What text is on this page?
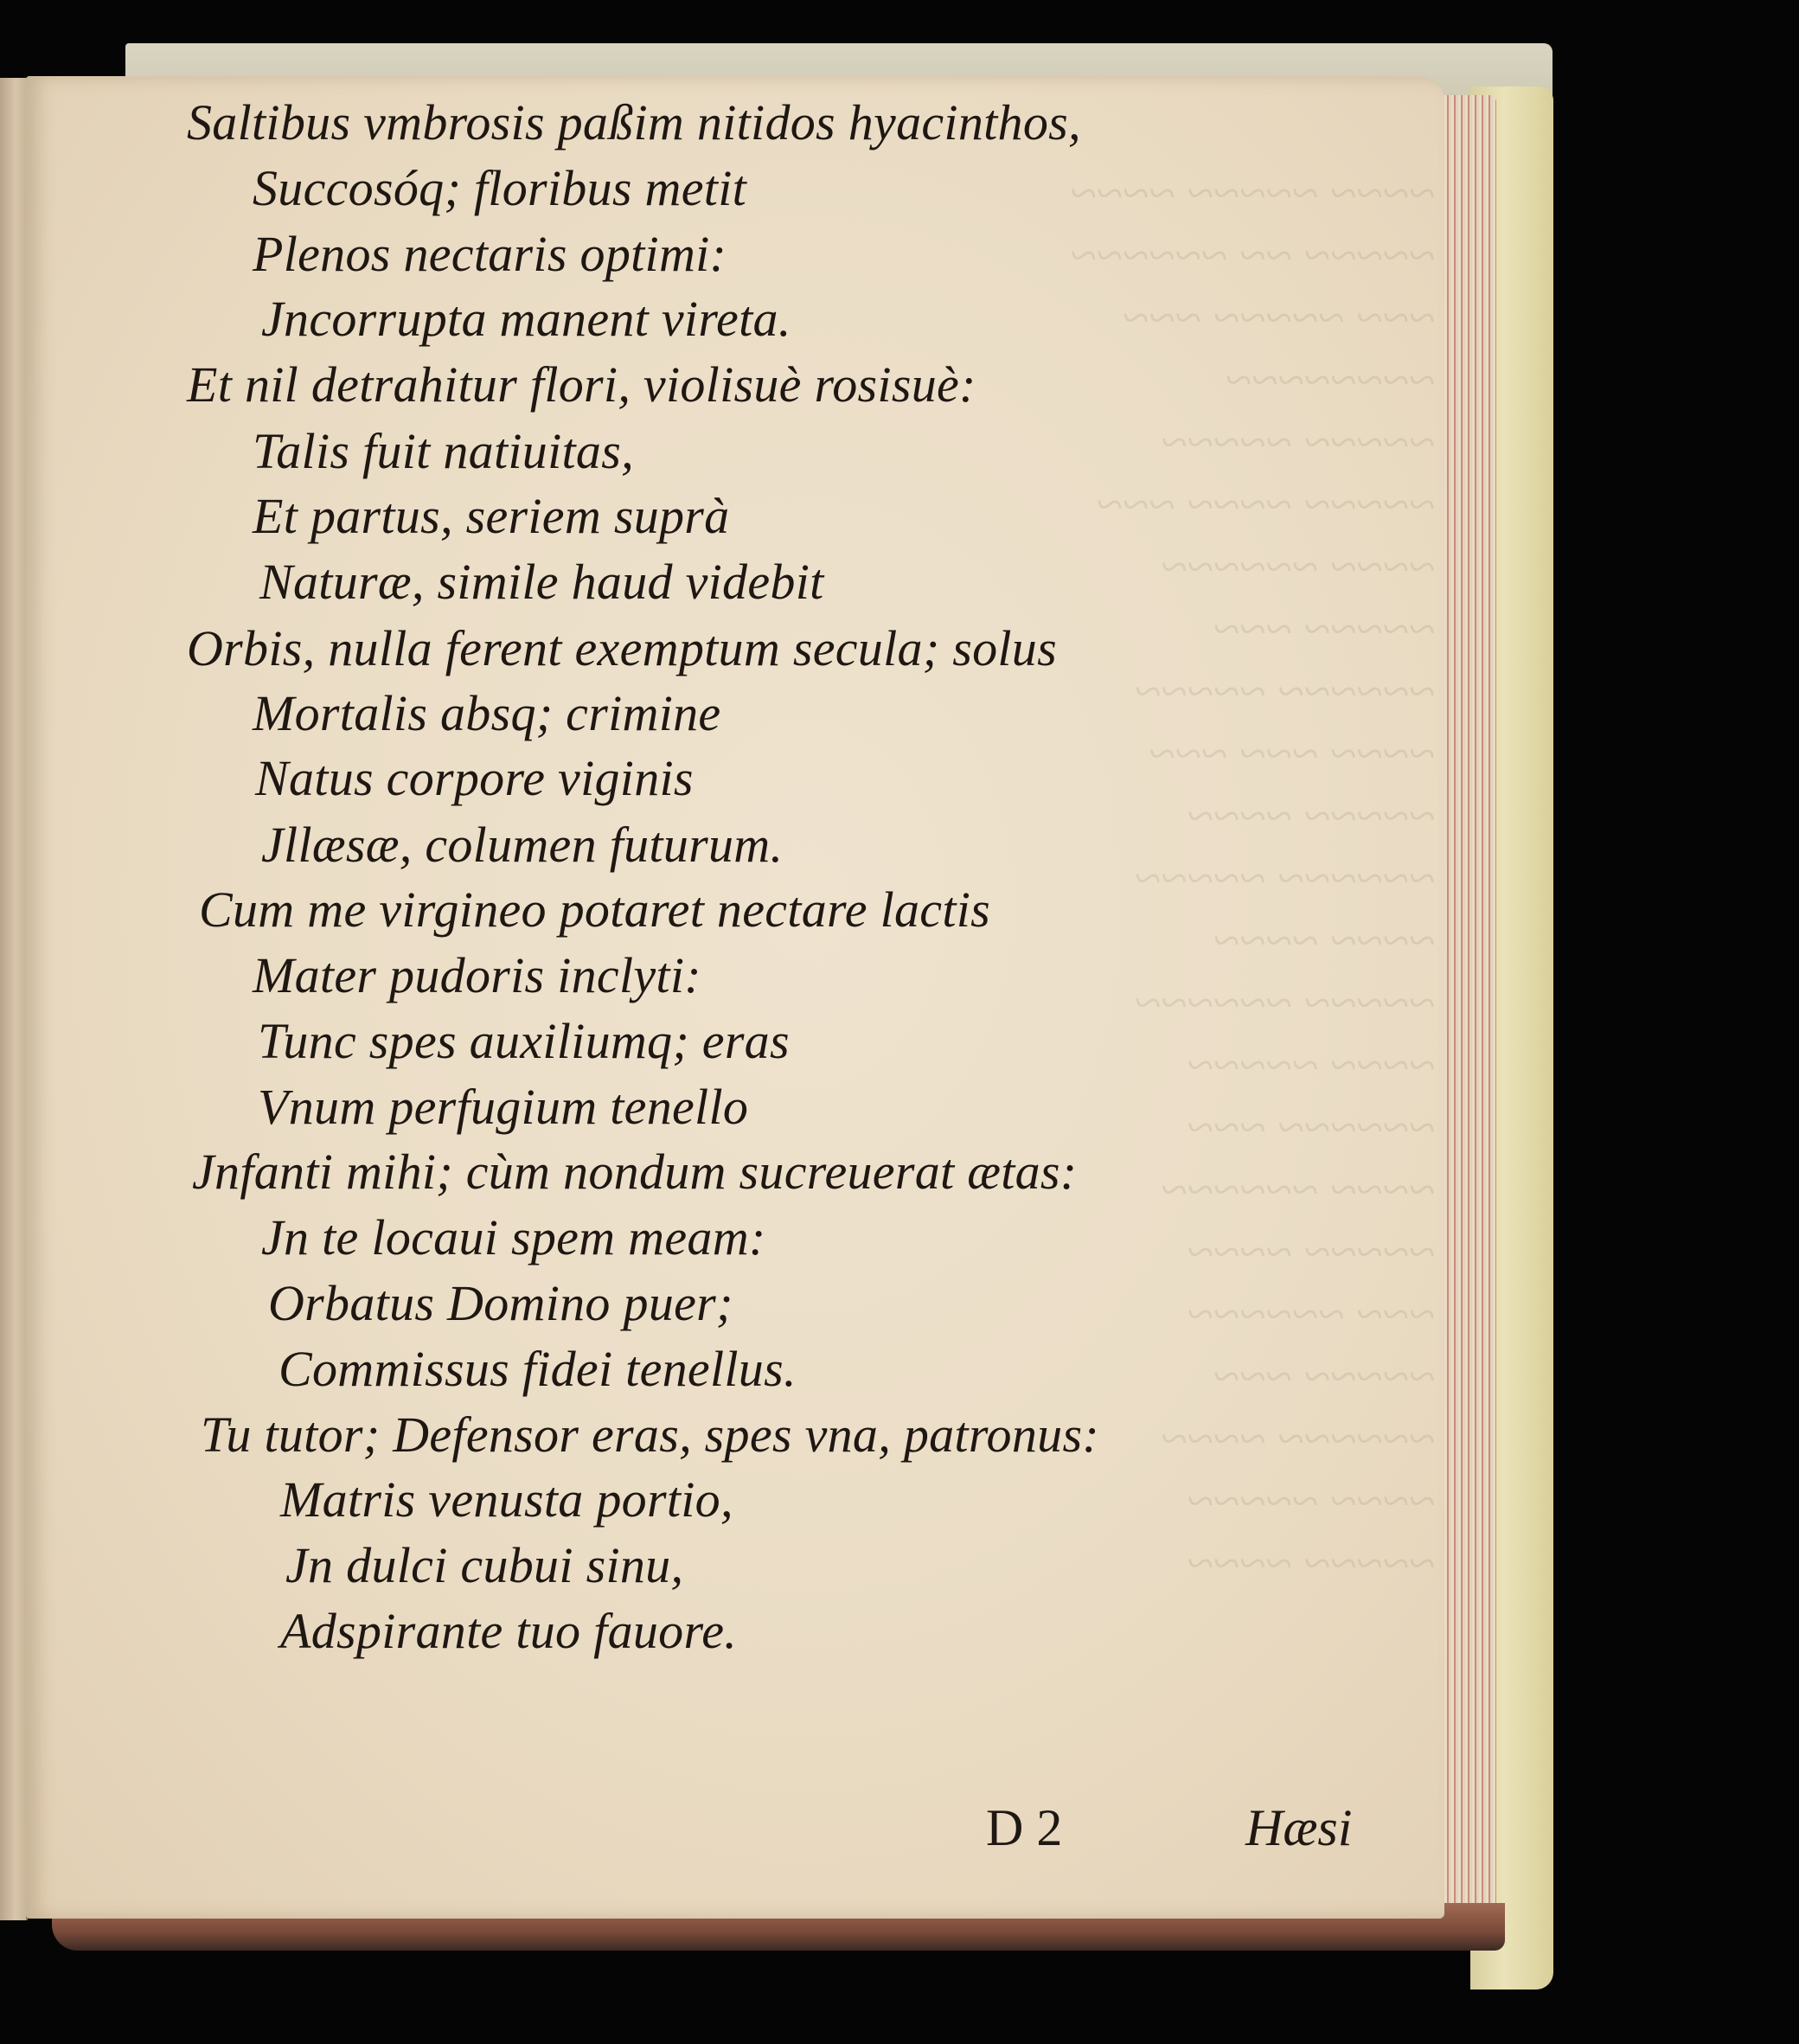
~~~~ ~~~~~ ~~~~
~~~~~ ~~ ~~~~~~
~~~ ~~~~~ ~~~
~~~~~~~~
~~~~~ ~~~~~
~~~~~ ~~~~ ~~~
~~~~ ~~~~~~
~~~~~ ~~~
~~~~~~ ~~~~~
~~~~ ~~~ ~~~
~~~~~ ~~~~
~~~~~~ ~~~~~
~~~~ ~~~~
~~~~~ ~~~~~~
~~~~ ~~~~~
~~~~~~ ~~~
~~~~ ~~~~~~
~~~~~ ~~~~
~~~ ~~~~~~
~~~~~ ~~~
~~~~~~ ~~~~
~~~~ ~~~~~
~~~~~ ~~~~

Saltibus vmbrosis paßim nitidos hyacinthos,

Succosóq; floribus metit

Plenos nectaris optimi:

Jncorrupta manent vireta.

Et nil detrahitur flori, violisuè rosisuè:

Talis fuit natiuitas,

Et partus, seriem suprà

Naturæ, simile haud videbit

Orbis, nulla ferent exemptum secula; solus

Mortalis absq; crimine

Natus corpore viginis

Jllæsæ, columen futurum.

Cum me virgineo potaret nectare lactis

Mater pudoris inclyti:

Tunc spes auxiliumq; eras

Vnum perfugium tenello

Jnfanti mihi; cùm nondum sucreuerat ætas:

Jn te locaui spem meam:

Orbatus Domino puer;

Commissus fidei tenellus.

Tu tutor; Defensor eras, spes vna, patronus:

Matris venusta portio,

Jn dulci cubui sinu,

Adspirante tuo fauore.

D 2	Hæsi
